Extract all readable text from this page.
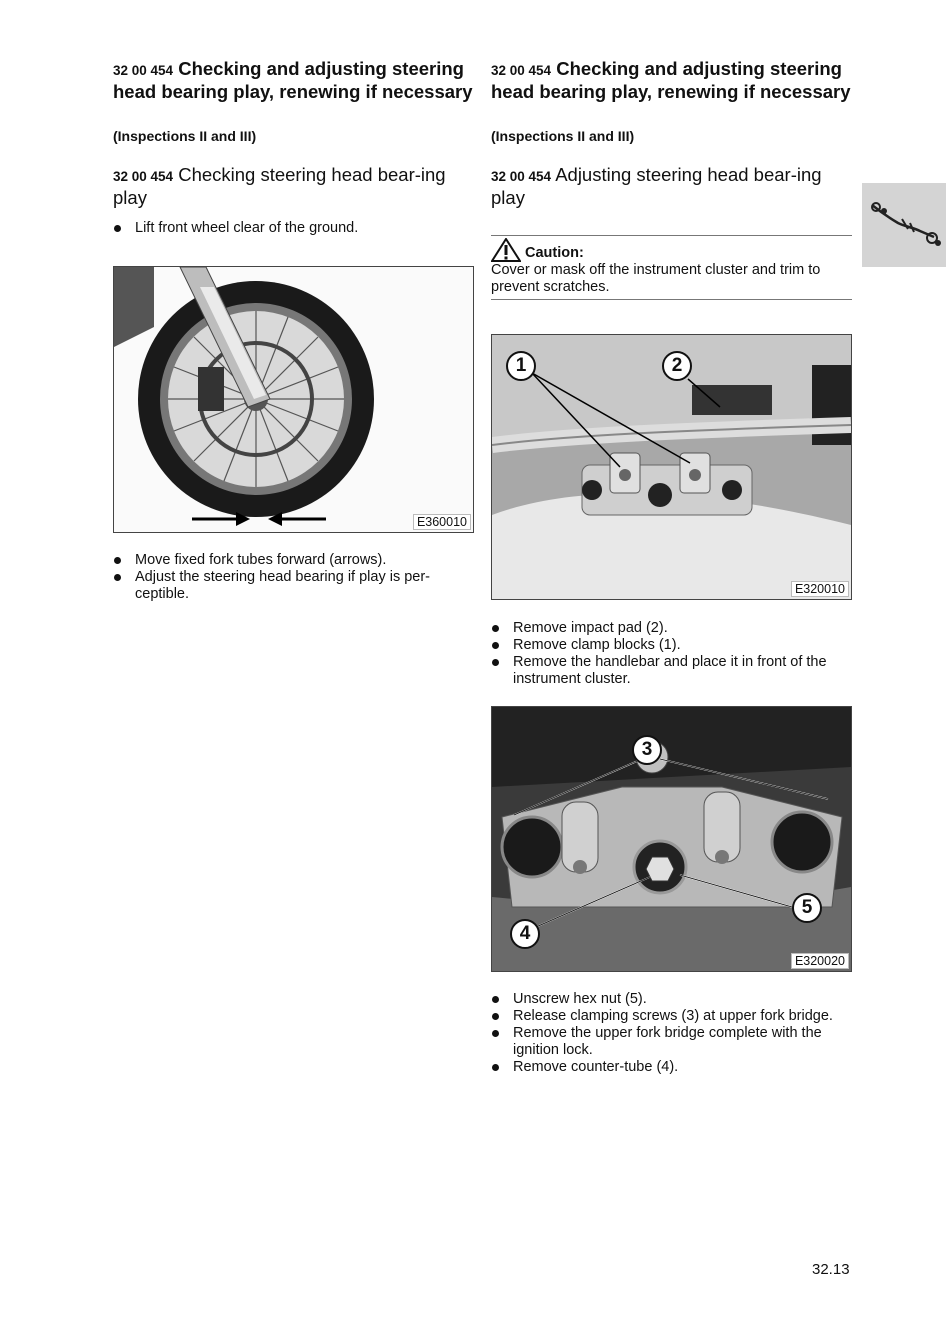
32 00 454 Checking and adjusting steering head bearing play, renewing if necessary

(Inspections II and III)

32 00 454 Checking steering head bear-ing play
Lift front wheel clear of the ground.
E360010
Move fixed fork tubes forward (arrows).
Adjust the steering head bearing if play is per-ceptible.
32 00 454 Checking and adjusting steering head bearing play, renewing if necessary

(Inspections II and III)

32 00 454 Adjusting steering head bear-ing play
Caution:
Cover or mask off the instrument cluster and trim to prevent scratches.
1	2
E320010
Remove impact pad (2).
Remove clamp blocks (1).
Remove the handlebar and place it in front of the instrument cluster.
3
4
5
E320020
Unscrew hex nut (5).
Release clamping screws (3) at upper fork bridge.
Remove the upper fork bridge complete with the ignition lock.
Remove counter-tube (4).
32.13
